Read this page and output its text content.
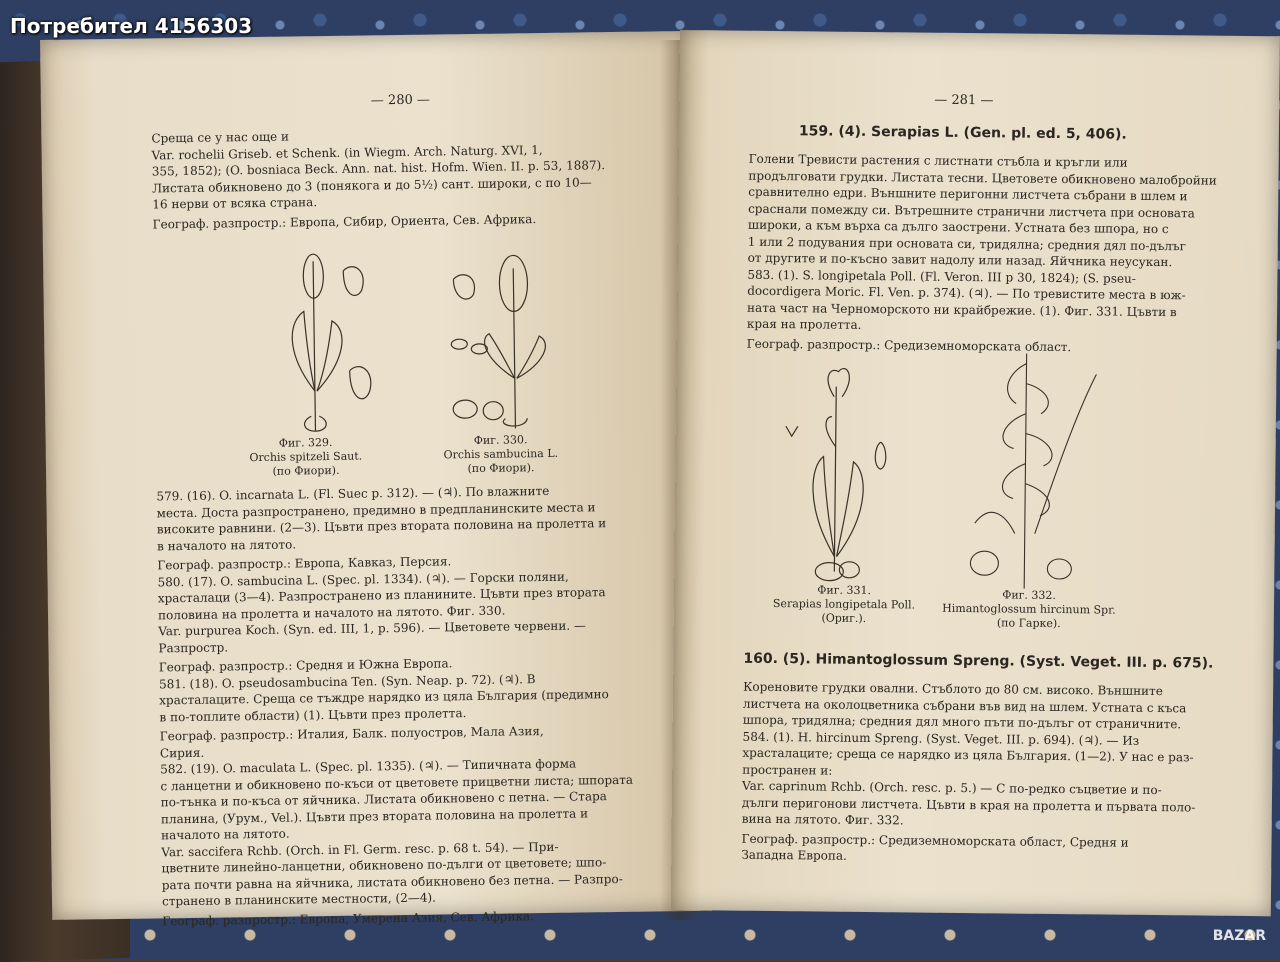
— 280 —

Среща се у нас още и

Var. rochelii Griseb. et Schenk. (in Wiegm. Arch. Naturg. XVI, 1,

355, 1852); (O. bosniaca Beck. Ann. nat. hist. Hofm. Wien. II. p. 53, 1887).

Листата обикновено до 3 (понякога и до 5½) сант. широки, с по 10—

16 нерви от всяка страна.

Географ. разпростр.: Европа, Сибир, Ориента, Сев. Африка.

Фиг. 329.
Orchis spitzeli Saut.
(по Фиори).
Фиг. 330.
Orchis sambucina L.
(по Фиори).

579. (16). O. incarnata L. (Fl. Suec p. 312). — (♃). По влажните

места. Доста разпространено, предимно в предпланинските места и

високите равнини. (2—3). Цъвти през втората половина на пролетта и

в началото на лятото.

Географ. разпростр.: Европа, Кавказ, Персия.

580. (17). O. sambucina L. (Spec. pl. 1334). (♃). — Горски поляни,

храсталаци (3—4). Разпространено из планините. Цъвти през втората

половина на пролетта и началото на лятото. Фиг. 330.

Var. purpurea Koch. (Syn. ed. III, 1, p. 596). — Цветовете червени. —

Разпростр.

Географ. разпростр.: Средня и Южна Европа.

581. (18). O. pseudosambucina Ten. (Syn. Neap. p. 72). (♃). В

храсталаците. Среща се тъждре нарядко из цяла България (предимно

в по-топлите области) (1). Цъвти през пролетта.

Географ. разпростр.: Италия, Балк. полуостров, Мала Азия,

Сирия.

582. (19). O. maculata L. (Spec. pl. 1335). (♃). — Типичната форма

с ланцетни и обикновено по-къси от цветовете прицветни листа; шпората

по-тънка и по-къса от яйчника. Листата обикновено с петна. — Стара

планина, (Урум., Vel.). Цъвти през втората половина на пролетта и

началото на лятото.

Var. saccifera Rchb. (Orch. in Fl. Germ. resc. p. 68 t. 54). — При-

цветните линейно-ланцетни, обикновено по-дълги от цветовете; шпо-

рата почти равна на яйчника, листата обикновено без петна. — Разпро-

странено в планинските местности, (2—4).

Географ. разпростр.: Европа, Умерена Азия, Сев. Африка.

— 281 —
159. (4). Serapias L. (Gen. pl. ed. 5, 406).

Голени Тревисти растения с листнати стъбла и кръгли или

продълговати грудки. Листата тесни. Цветовете обикновено малобройни

сравнително едри. Външните перигонни листчета събрани в шлем и

сраснали помежду си. Вътрешните странични листчета при основата

широки, а към върха са дълго заострени. Устната без шпора, но с

1 или 2 подувания при основата си, тридялна; средния дял по-дълъг

от другите и по-късно завит надолу или назад. Яйчника неусукан.

583. (1). S. longipetala Poll. (Fl. Veron. III p 30, 1824); (S. pseu-

docordigera Moric. Fl. Ven. p. 374). (♃). — По тревистите места в юж-

ната част на Черноморското ни крайбрежие. (1). Фиг. 331. Цъвти в

края на пролетта.

Географ. разпростр.: Средиземноморската област.

Фиг. 331.
Serapias longipetala Poll.
(Ориг.).
Фиг. 332.
Himantoglossum hircinum Spr.
(по Гарке).
160. (5). Himantoglossum Spreng. (Syst. Veget. III. p. 675).

Кореновите грудки овални. Стъблото до 80 см. високо. Външните

листчета на околоцветника събрани във вид на шлем. Устната с къса

шпора, тридялна; средния дял много пъти по-дълъг от страничните.

584. (1). H. hircinum Spreng. (Syst. Veget. III. p. 694). (♃). — Из

храсталаците; среща се нарядко из цяла България. (1—2). У нас е раз-

пространен и:

Var. caprinum Rchb. (Orch. resc. p. 5.) — С по-редко съцветие и по-

дълги перигонови листчета. Цъвти в края на пролетта и първата поло-

вина на лятото. Фиг. 332.

Географ. разпростр.: Средиземноморската област, Средня и

Западна Европа.

Потребител 4156303
BAZAR
